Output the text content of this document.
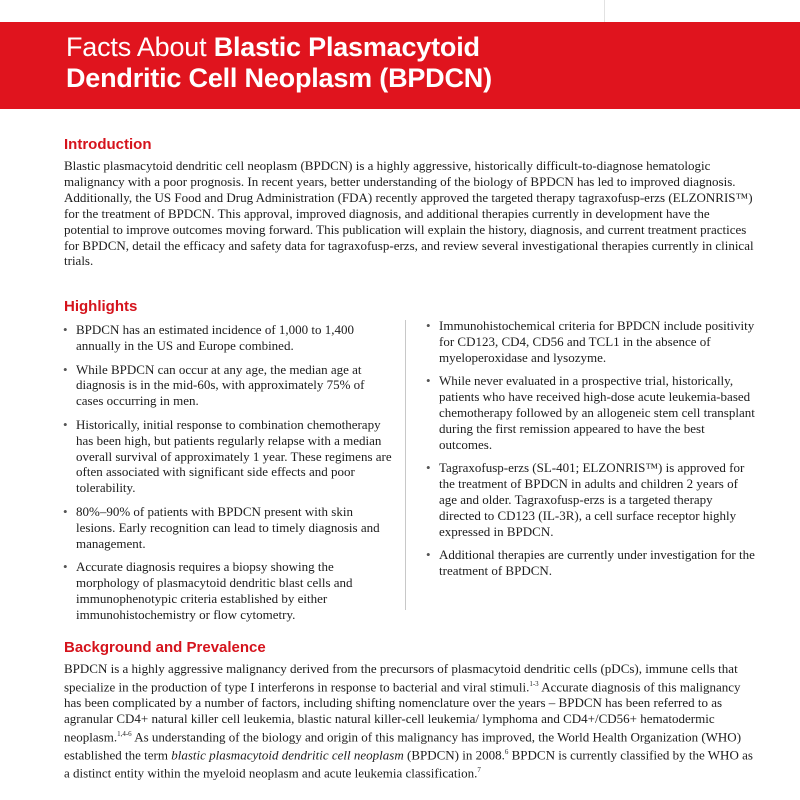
Facts About Blastic Plasmacytoid
Dendritic Cell Neoplasm (BPDCN)
Introduction

Blastic plasmacytoid dendritic cell neoplasm (BPDCN) is a highly aggressive, historically difficult-to-diagnose hematologic malignancy with a poor prognosis. In recent years, better understanding of the biology of BPDCN has led to improved diagnosis. Additionally, the US Food and Drug Administration (FDA) recently approved the targeted therapy tagraxofusp-erzs (ELZONRIS™) for the treatment of BPDCN. This approval, improved diagnosis, and additional therapies currently in development have the potential to improve outcomes moving forward. This publication will explain the history, diagnosis, and current treatment practices for BPDCN, detail the efficacy and safety data for tagraxofusp-erzs, and review several investigational therapies currently in clinical trials.

Highlights
• BPDCN has an estimated incidence of 1,000 to 1,400 annually in the US and Europe combined.
• While BPDCN can occur at any age, the median age at diagnosis is in the mid-60s, with approximately 75% of cases occurring in men.
• Historically, initial response to combination chemotherapy has been high, but patients regularly relapse with a median overall survival of approximately 1 year. These regimens are often associated with significant side effects and poor tolerability.
• 80%–90% of patients with BPDCN present with skin lesions. Early recognition can lead to timely diagnosis and management.
• Accurate diagnosis requires a biopsy showing the morphology of plasmacytoid dendritic blast cells and immunophenotypic criteria established by either immunohistochemistry or flow cytometry.
• Immunohistochemical criteria for BPDCN include positivity for CD123, CD4, CD56 and TCL1 in the absence of myeloperoxidase and lysozyme.
• While never evaluated in a prospective trial, historically, patients who have received high-dose acute leukemia-based chemotherapy followed by an allogeneic stem cell transplant during the first remission appeared to have the best outcomes.
• Tagraxofusp-erzs (SL-401; ELZONRIS™) is approved for the treatment of BPDCN in adults and children 2 years of age and older. Tagraxofusp-erzs is a targeted therapy directed to CD123 (IL-3R), a cell surface receptor highly expressed in BPDCN.
• Additional therapies are currently under investigation for the treatment of BPDCN.
Background and Prevalence

BPDCN is a highly aggressive malignancy derived from the precursors of plasmacytoid dendritic cells (pDCs), immune cells that specialize in the production of type I interferons in response to bacterial and viral stimuli.$^{1-3}$ Accurate diagnosis of this malignancy has been complicated by a number of factors, including shifting nomenclature over the years – BPDCN has been referred to as agranular CD4+ natural killer cell leukemia, blastic natural killer-cell leukemia/ lymphoma and CD4+/CD56+ hematodermic neoplasm.$^{1,4-6}$ As understanding of the biology and origin of this malignancy has improved, the World Health Organization (WHO) established the term blastic plasmacytoid dendritic cell neoplasm (BPDCN) in 2008.$^6$ BPDCN is currently classified by the WHO as a distinct entity within the myeloid neoplasm and acute leukemia classification.$^7$
